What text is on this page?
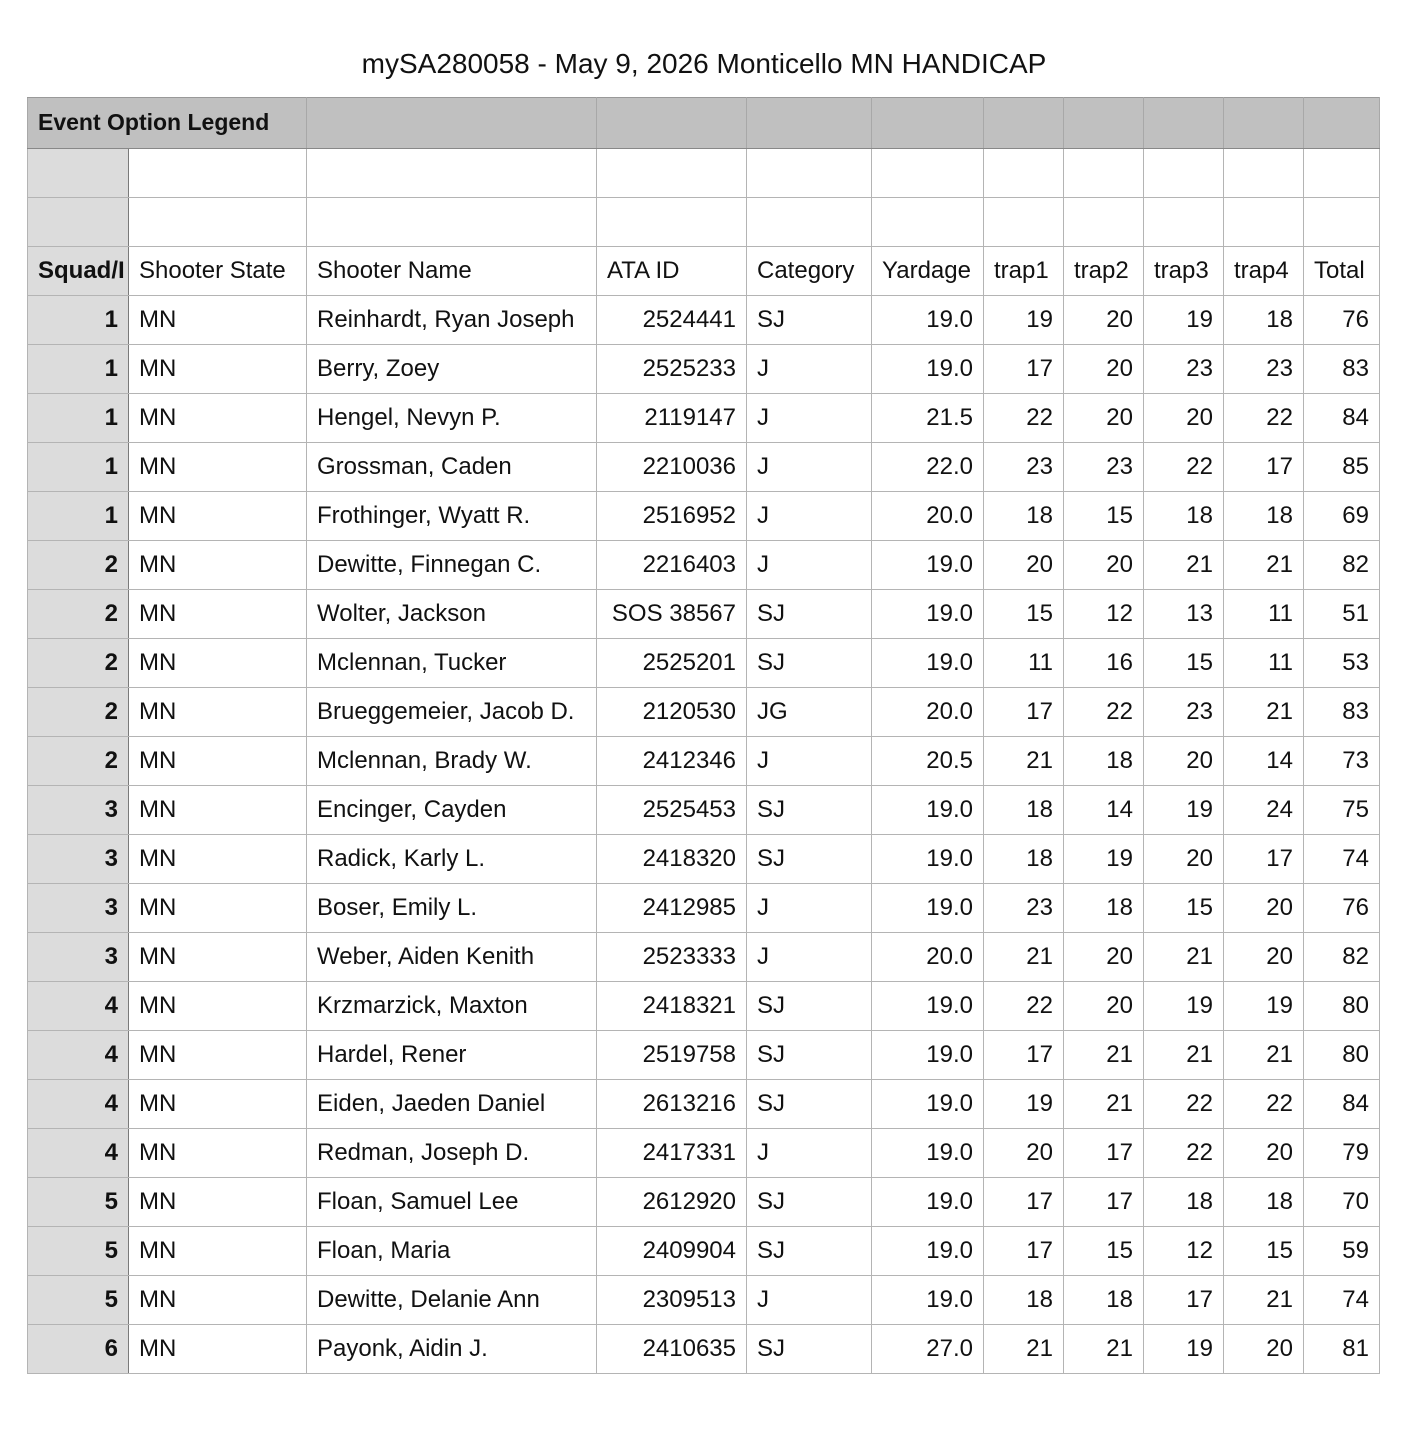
mySA280058 - May 9, 2026 Monticello MN HANDICAP
Event Option Legend										

Squad/I	Shooter State	Shooter Name	ATA ID	Category	Yardage	trap1	trap2	trap3	trap4	Total
1	MN	Reinhardt, Ryan Joseph	2524441	SJ	19.0	19	20	19	18	76
1	MN	Berry, Zoey	2525233	J	19.0	17	20	23	23	83
1	MN	Hengel, Nevyn P.	2119147	J	21.5	22	20	20	22	84
1	MN	Grossman, Caden	2210036	J	22.0	23	23	22	17	85
1	MN	Frothinger, Wyatt R.	2516952	J	20.0	18	15	18	18	69
2	MN	Dewitte, Finnegan C.	2216403	J	19.0	20	20	21	21	82
2	MN	Wolter, Jackson	SOS 38567	SJ	19.0	15	12	13	11	51
2	MN	Mclennan, Tucker	2525201	SJ	19.0	11	16	15	11	53
2	MN	Brueggemeier, Jacob D.	2120530	JG	20.0	17	22	23	21	83
2	MN	Mclennan, Brady W.	2412346	J	20.5	21	18	20	14	73
3	MN	Encinger, Cayden	2525453	SJ	19.0	18	14	19	24	75
3	MN	Radick, Karly L.	2418320	SJ	19.0	18	19	20	17	74
3	MN	Boser, Emily L.	2412985	J	19.0	23	18	15	20	76
3	MN	Weber, Aiden Kenith	2523333	J	20.0	21	20	21	20	82
4	MN	Krzmarzick, Maxton	2418321	SJ	19.0	22	20	19	19	80
4	MN	Hardel, Rener	2519758	SJ	19.0	17	21	21	21	80
4	MN	Eiden, Jaeden Daniel	2613216	SJ	19.0	19	21	22	22	84
4	MN	Redman, Joseph D.	2417331	J	19.0	20	17	22	20	79
5	MN	Floan, Samuel Lee	2612920	SJ	19.0	17	17	18	18	70
5	MN	Floan, Maria	2409904	SJ	19.0	17	15	12	15	59
5	MN	Dewitte, Delanie Ann	2309513	J	19.0	18	18	17	21	74
6	MN	Payonk, Aidin J.	2410635	SJ	27.0	21	21	19	20	81
